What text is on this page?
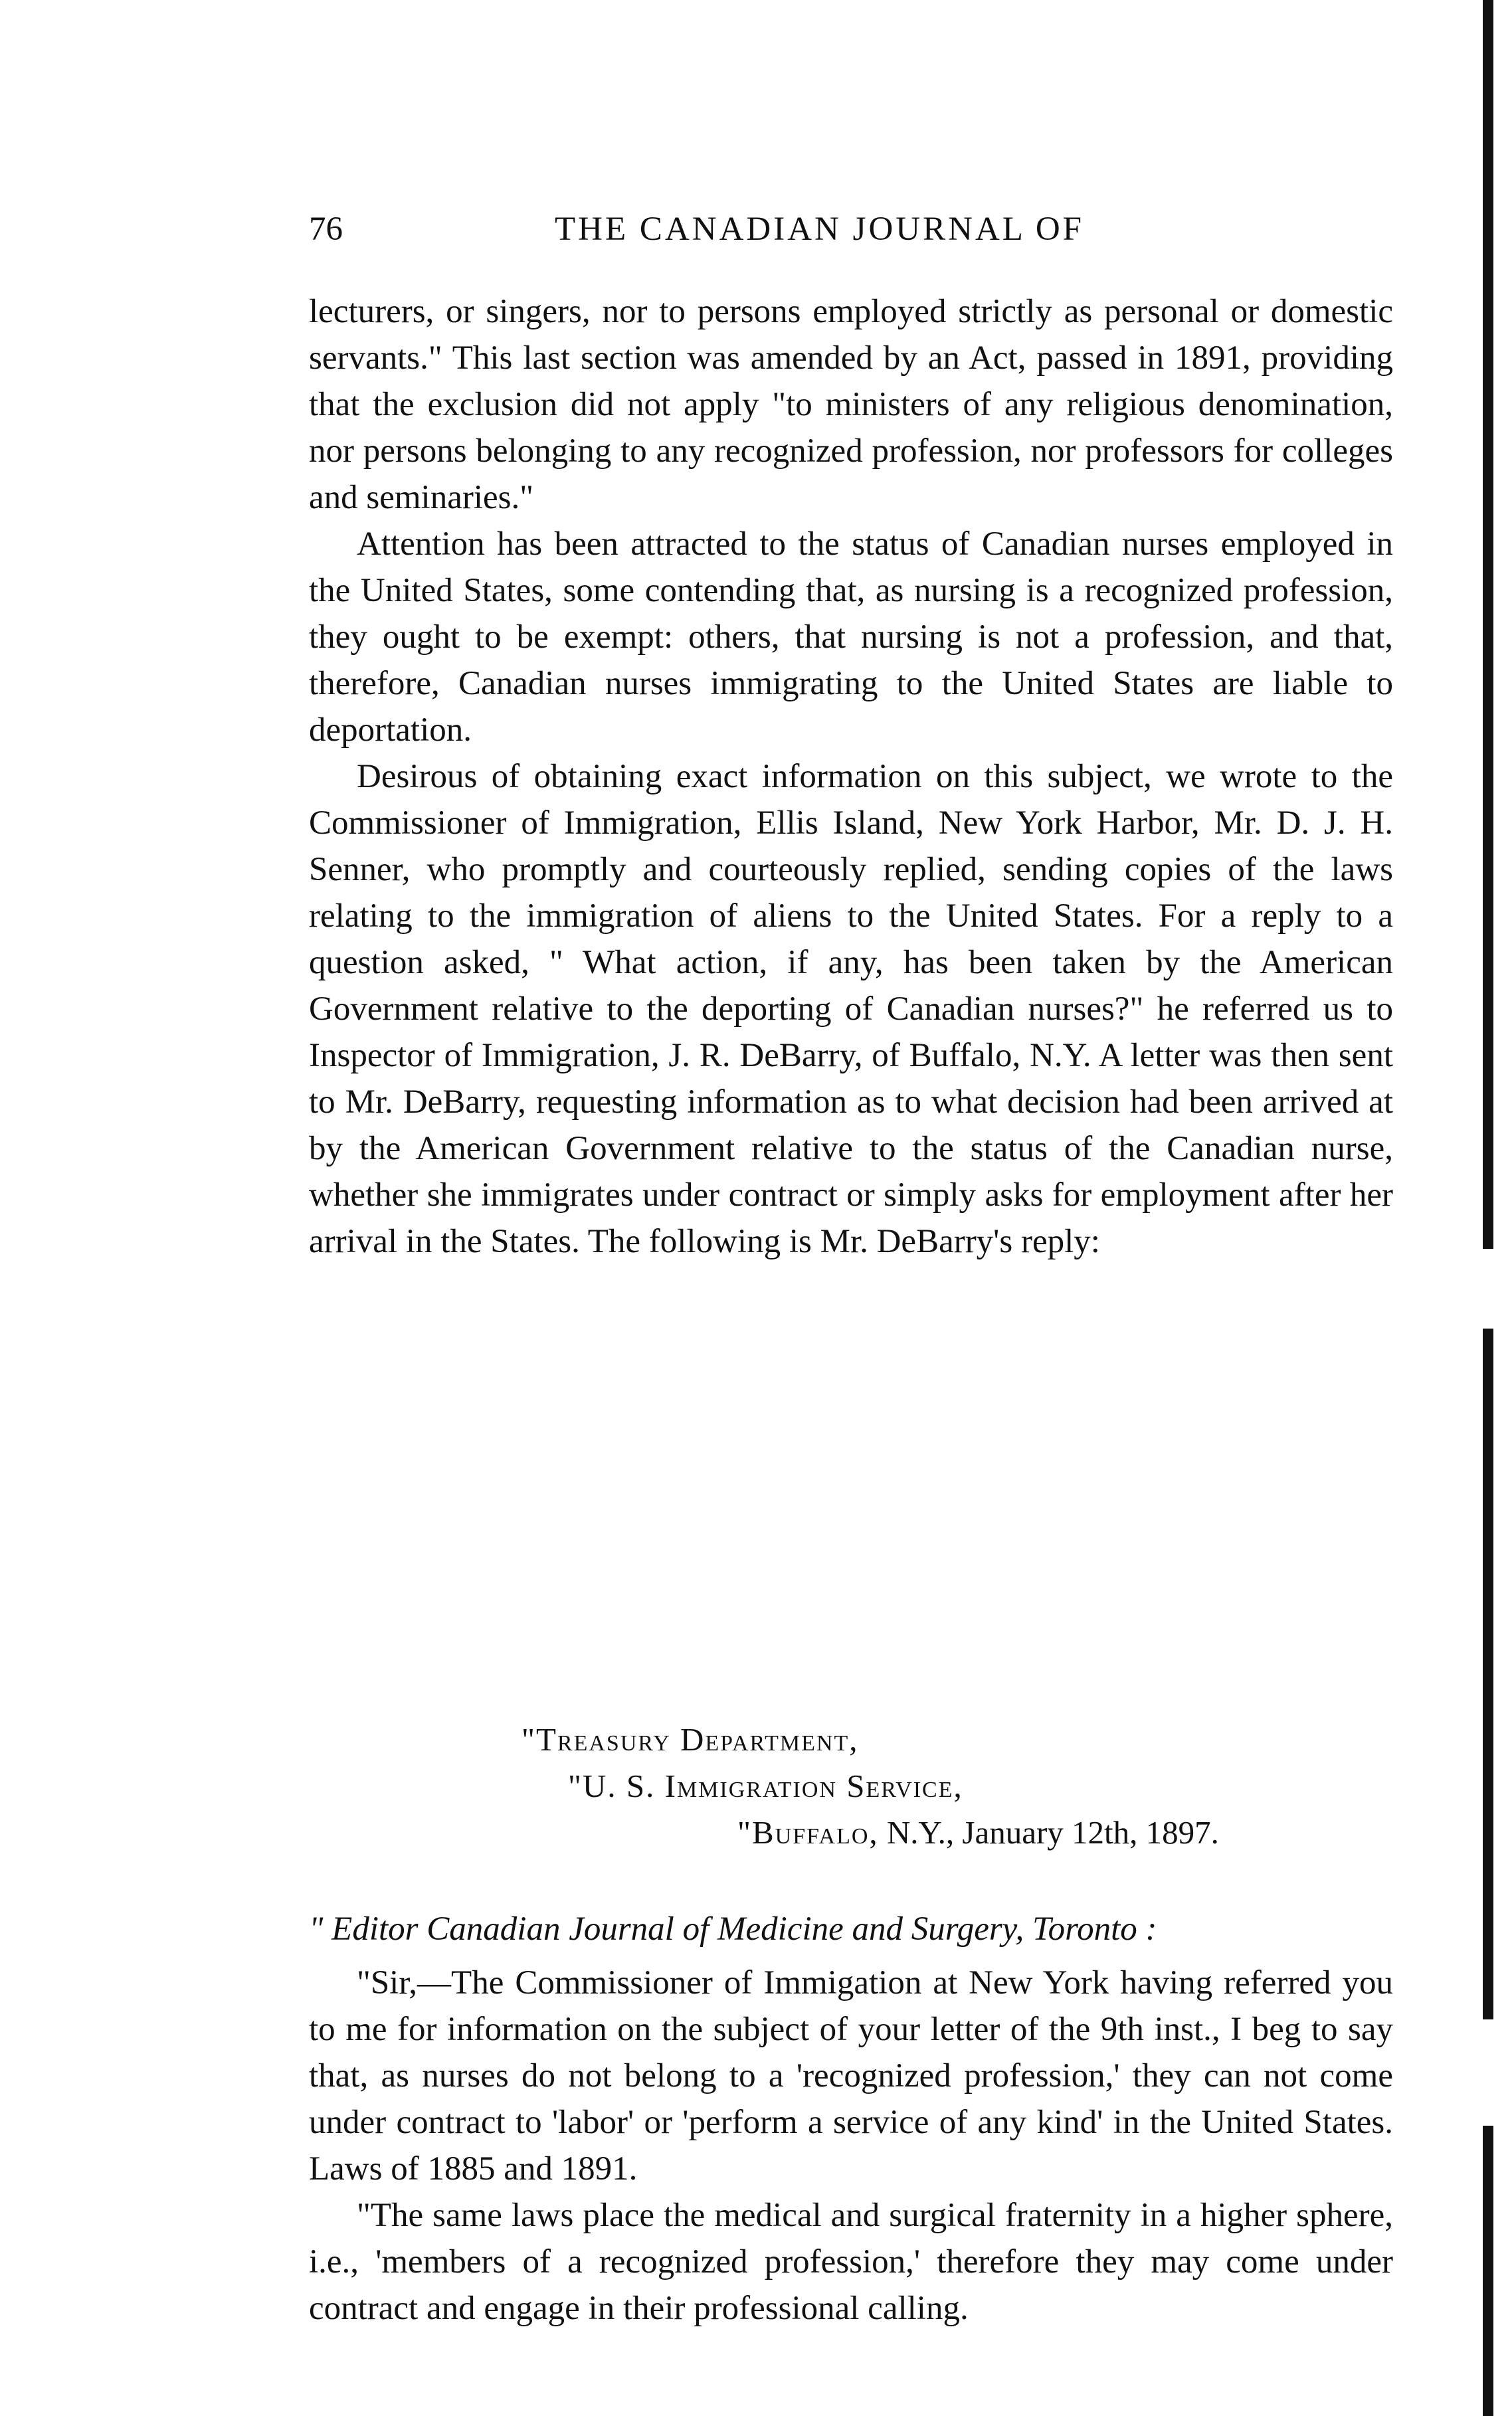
76	THE CANADIAN JOURNAL OF

lecturers, or singers, nor to persons employed strictly as personal or domestic servants." This last section was amended by an Act, passed in 1891, providing that the exclusion did not apply "to ministers of any religious denomination, nor persons belonging to any recognized profession, nor professors for colleges and seminaries."

Attention has been attracted to the status of Canadian nurses employed in the United States, some contending that, as nursing is a recognized profession, they ought to be exempt: others, that nursing is not a profession, and that, therefore, Canadian nurses immigrating to the United States are liable to deportation.

Desirous of obtaining exact information on this subject, we wrote to the Commissioner of Immigration, Ellis Island, New York Harbor, Mr. D. J. H. Senner, who promptly and courteously replied, sending copies of the laws relating to the immigration of aliens to the United States. For a reply to a question asked, " What action, if any, has been taken by the American Government relative to the deporting of Canadian nurses?" he referred us to Inspector of Immigration, J. R. DeBarry, of Buffalo, N.Y. A letter was then sent to Mr. DeBarry, requesting information as to what decision had been arrived at by the American Government relative to the status of the Canadian nurse, whether she immigrates under contract or simply asks for employment after her arrival in the States. The following is Mr. DeBarry's reply:

"Treasury Department,
"U. S. Immigration Service,
"Buffalo, N.Y., January 12th, 1897.
" Editor Canadian Journal of Medicine and Surgery, Toronto :

"Sir,—The Commissioner of Immigation at New York having referred you to me for information on the subject of your letter of the 9th inst., I beg to say that, as nurses do not belong to a 'recognized profession,' they can not come under contract to 'labor' or 'perform a service of any kind' in the United States. Laws of 1885 and 1891.

"The same laws place the medical and surgical fraternity in a higher sphere, i.e., 'members of a recognized profession,' therefore they may come under contract and engage in their professional calling.
